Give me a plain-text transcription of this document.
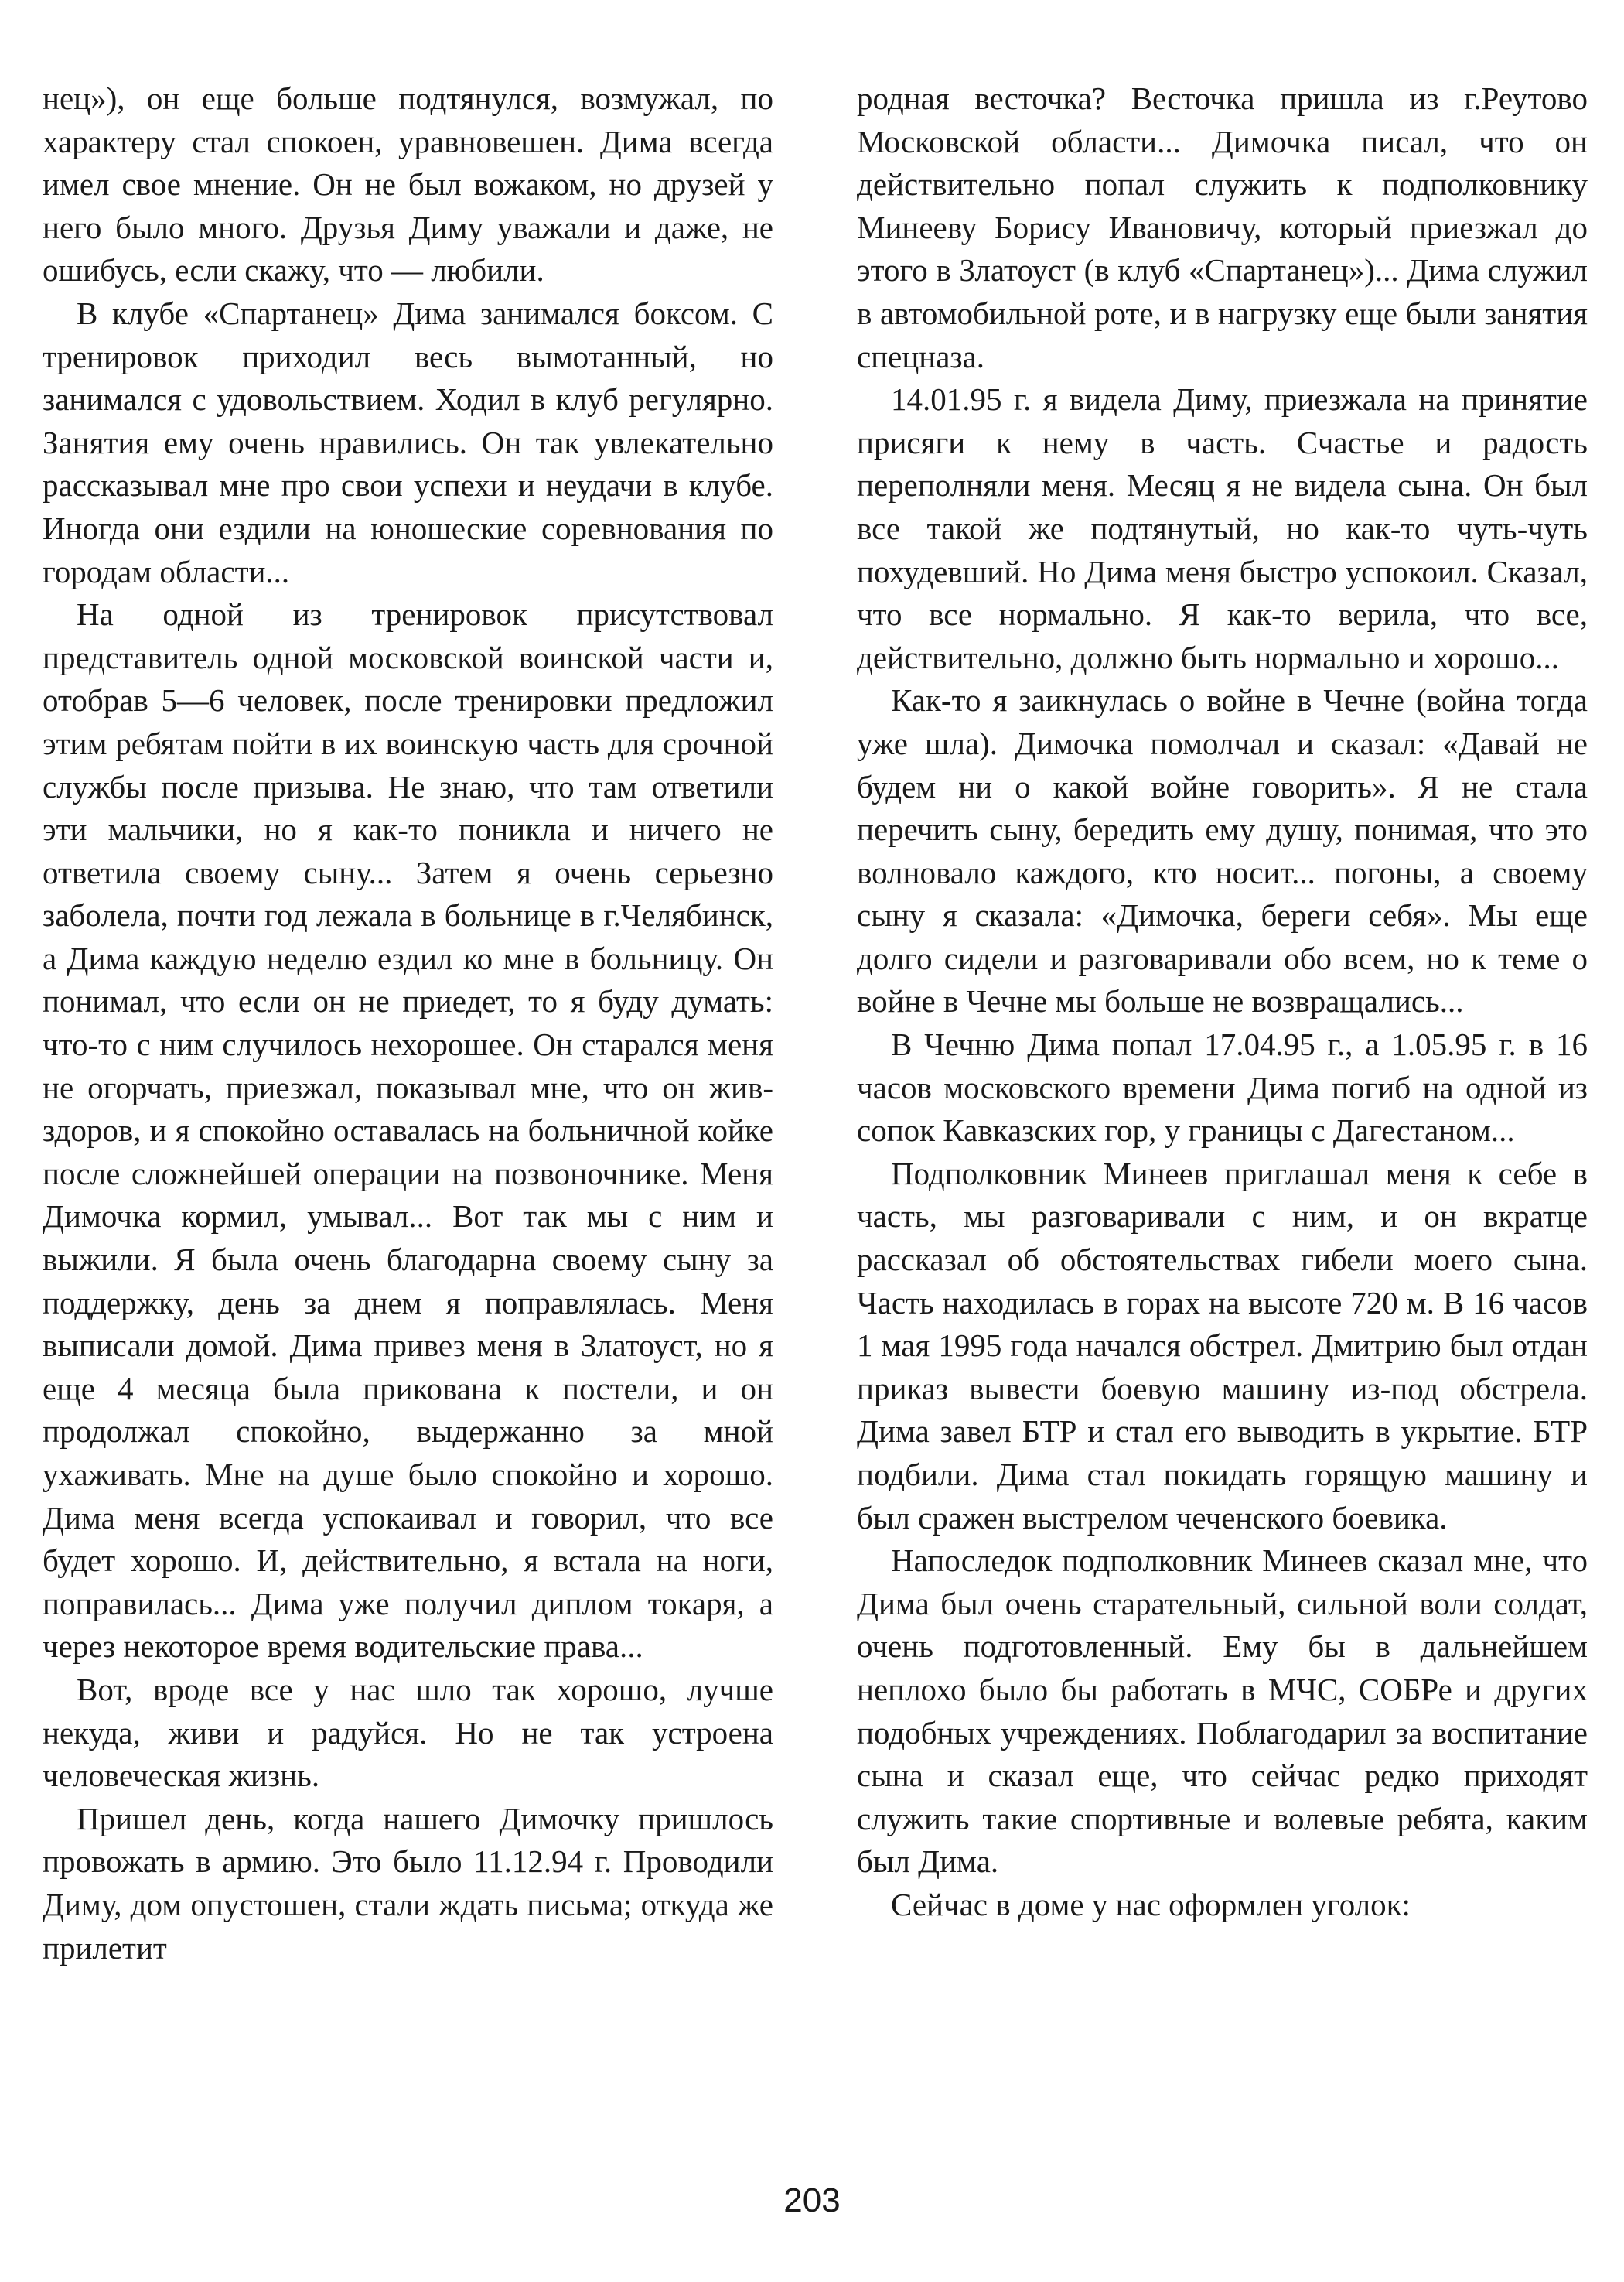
нец»), он еще больше подтянулся, возмужал, по характеру стал спокоен, уравновешен. Дима всегда имел свое мнение. Он не был вожаком, но друзей у него было много. Друзья Диму уважали и даже, не ошибусь, если скажу, что — любили.

В клубе «Спартанец» Дима занимался боксом. С тренировок приходил весь вымотанный, но занимался с удовольствием. Ходил в клуб регулярно. Занятия ему очень нравились. Он так увлекательно рассказывал мне про свои успехи и неудачи в клубе. Иногда они ездили на юношеские соревнования по городам области...

На одной из тренировок присутствовал представитель одной московской воинской части и, отобрав 5—6 человек, после тренировки предложил этим ребятам пойти в их воинскую часть для срочной службы после призыва. Не знаю, что там ответили эти мальчики, но я как-то поникла и ничего не ответила своему сыну... Затем я очень серьезно заболела, почти год лежала в больнице в г.Челябинск, а Дима каждую неделю ездил ко мне в больницу. Он понимал, что если он не приедет, то я буду думать: что-то с ним случилось нехорошее. Он старался меня не огорчать, приезжал, показывал мне, что он жив-здоров, и я спокойно оставалась на больничной койке после сложнейшей операции на позвоночнике. Меня Димочка кормил, умывал... Вот так мы с ним и выжили. Я была очень благодарна своему сыну за поддержку, день за днем я поправлялась. Меня выписали домой. Дима привез меня в Златоуст, но я еще 4 месяца была прикована к постели, и он продолжал спокойно, выдержанно за мной ухаживать. Мне на душе было спокойно и хорошо. Дима меня всегда успокаивал и говорил, что все будет хорошо. И, действительно, я встала на ноги, поправилась... Дима уже получил диплом токаря, а через некоторое время водительские права...

Вот, вроде все у нас шло так хорошо, лучше некуда, живи и радуйся. Но не так устроена человеческая жизнь.

Пришел день, когда нашего Димочку пришлось провожать в армию. Это было 11.12.94 г. Проводили Диму, дом опустошен, стали ждать письма; откуда же прилетит

родная весточка? Весточка пришла из г.Реутово Московской области... Димочка писал, что он действительно попал служить к подполковнику Минееву Борису Ивановичу, который приезжал до этого в Златоуст (в клуб «Спартанец»)... Дима служил в автомобильной роте, и в нагрузку еще были занятия спецназа.

14.01.95 г. я видела Диму, приезжала на принятие присяги к нему в часть. Счастье и радость переполняли меня. Месяц я не видела сына. Он был все такой же подтянутый, но как-то чуть-чуть похудевший. Но Дима меня быстро успокоил. Сказал, что все нормально. Я как-то верила, что все, действительно, должно быть нормально и хорошо...

Как-то я заикнулась о войне в Чечне (война тогда уже шла). Димочка помолчал и сказал: «Давай не будем ни о какой войне говорить». Я не стала перечить сыну, бередить ему душу, понимая, что это волновало каждого, кто носит... погоны, а своему сыну я сказала: «Димочка, береги себя». Мы еще долго сидели и разговаривали обо всем, но к теме о войне в Чечне мы больше не возвращались...

В Чечню Дима попал 17.04.95 г., а 1.05.95 г. в 16 часов московского времени Дима погиб на одной из сопок Кавказских гор, у границы с Дагестаном...

Подполковник Минеев приглашал меня к себе в часть, мы разговаривали с ним, и он вкратце рассказал об обстоятельствах гибели моего сына. Часть находилась в горах на высоте 720 м. В 16 часов 1 мая 1995 года начался обстрел. Дмитрию был отдан приказ вывести боевую машину из-под обстрела. Дима завел БТР и стал его выводить в укрытие. БТР подбили. Дима стал покидать горящую машину и был сражен выстрелом чеченского боевика.

Напоследок подполковник Минеев сказал мне, что Дима был очень старательный, сильной воли солдат, очень подготовленный. Ему бы в дальнейшем неплохо было бы работать в МЧС, СОБРе и других подобных учреждениях. Поблагодарил за воспитание сына и сказал еще, что сейчас редко приходят служить такие спортивные и волевые ребята, каким был Дима.

Сейчас в доме у нас оформлен уголок:

203
